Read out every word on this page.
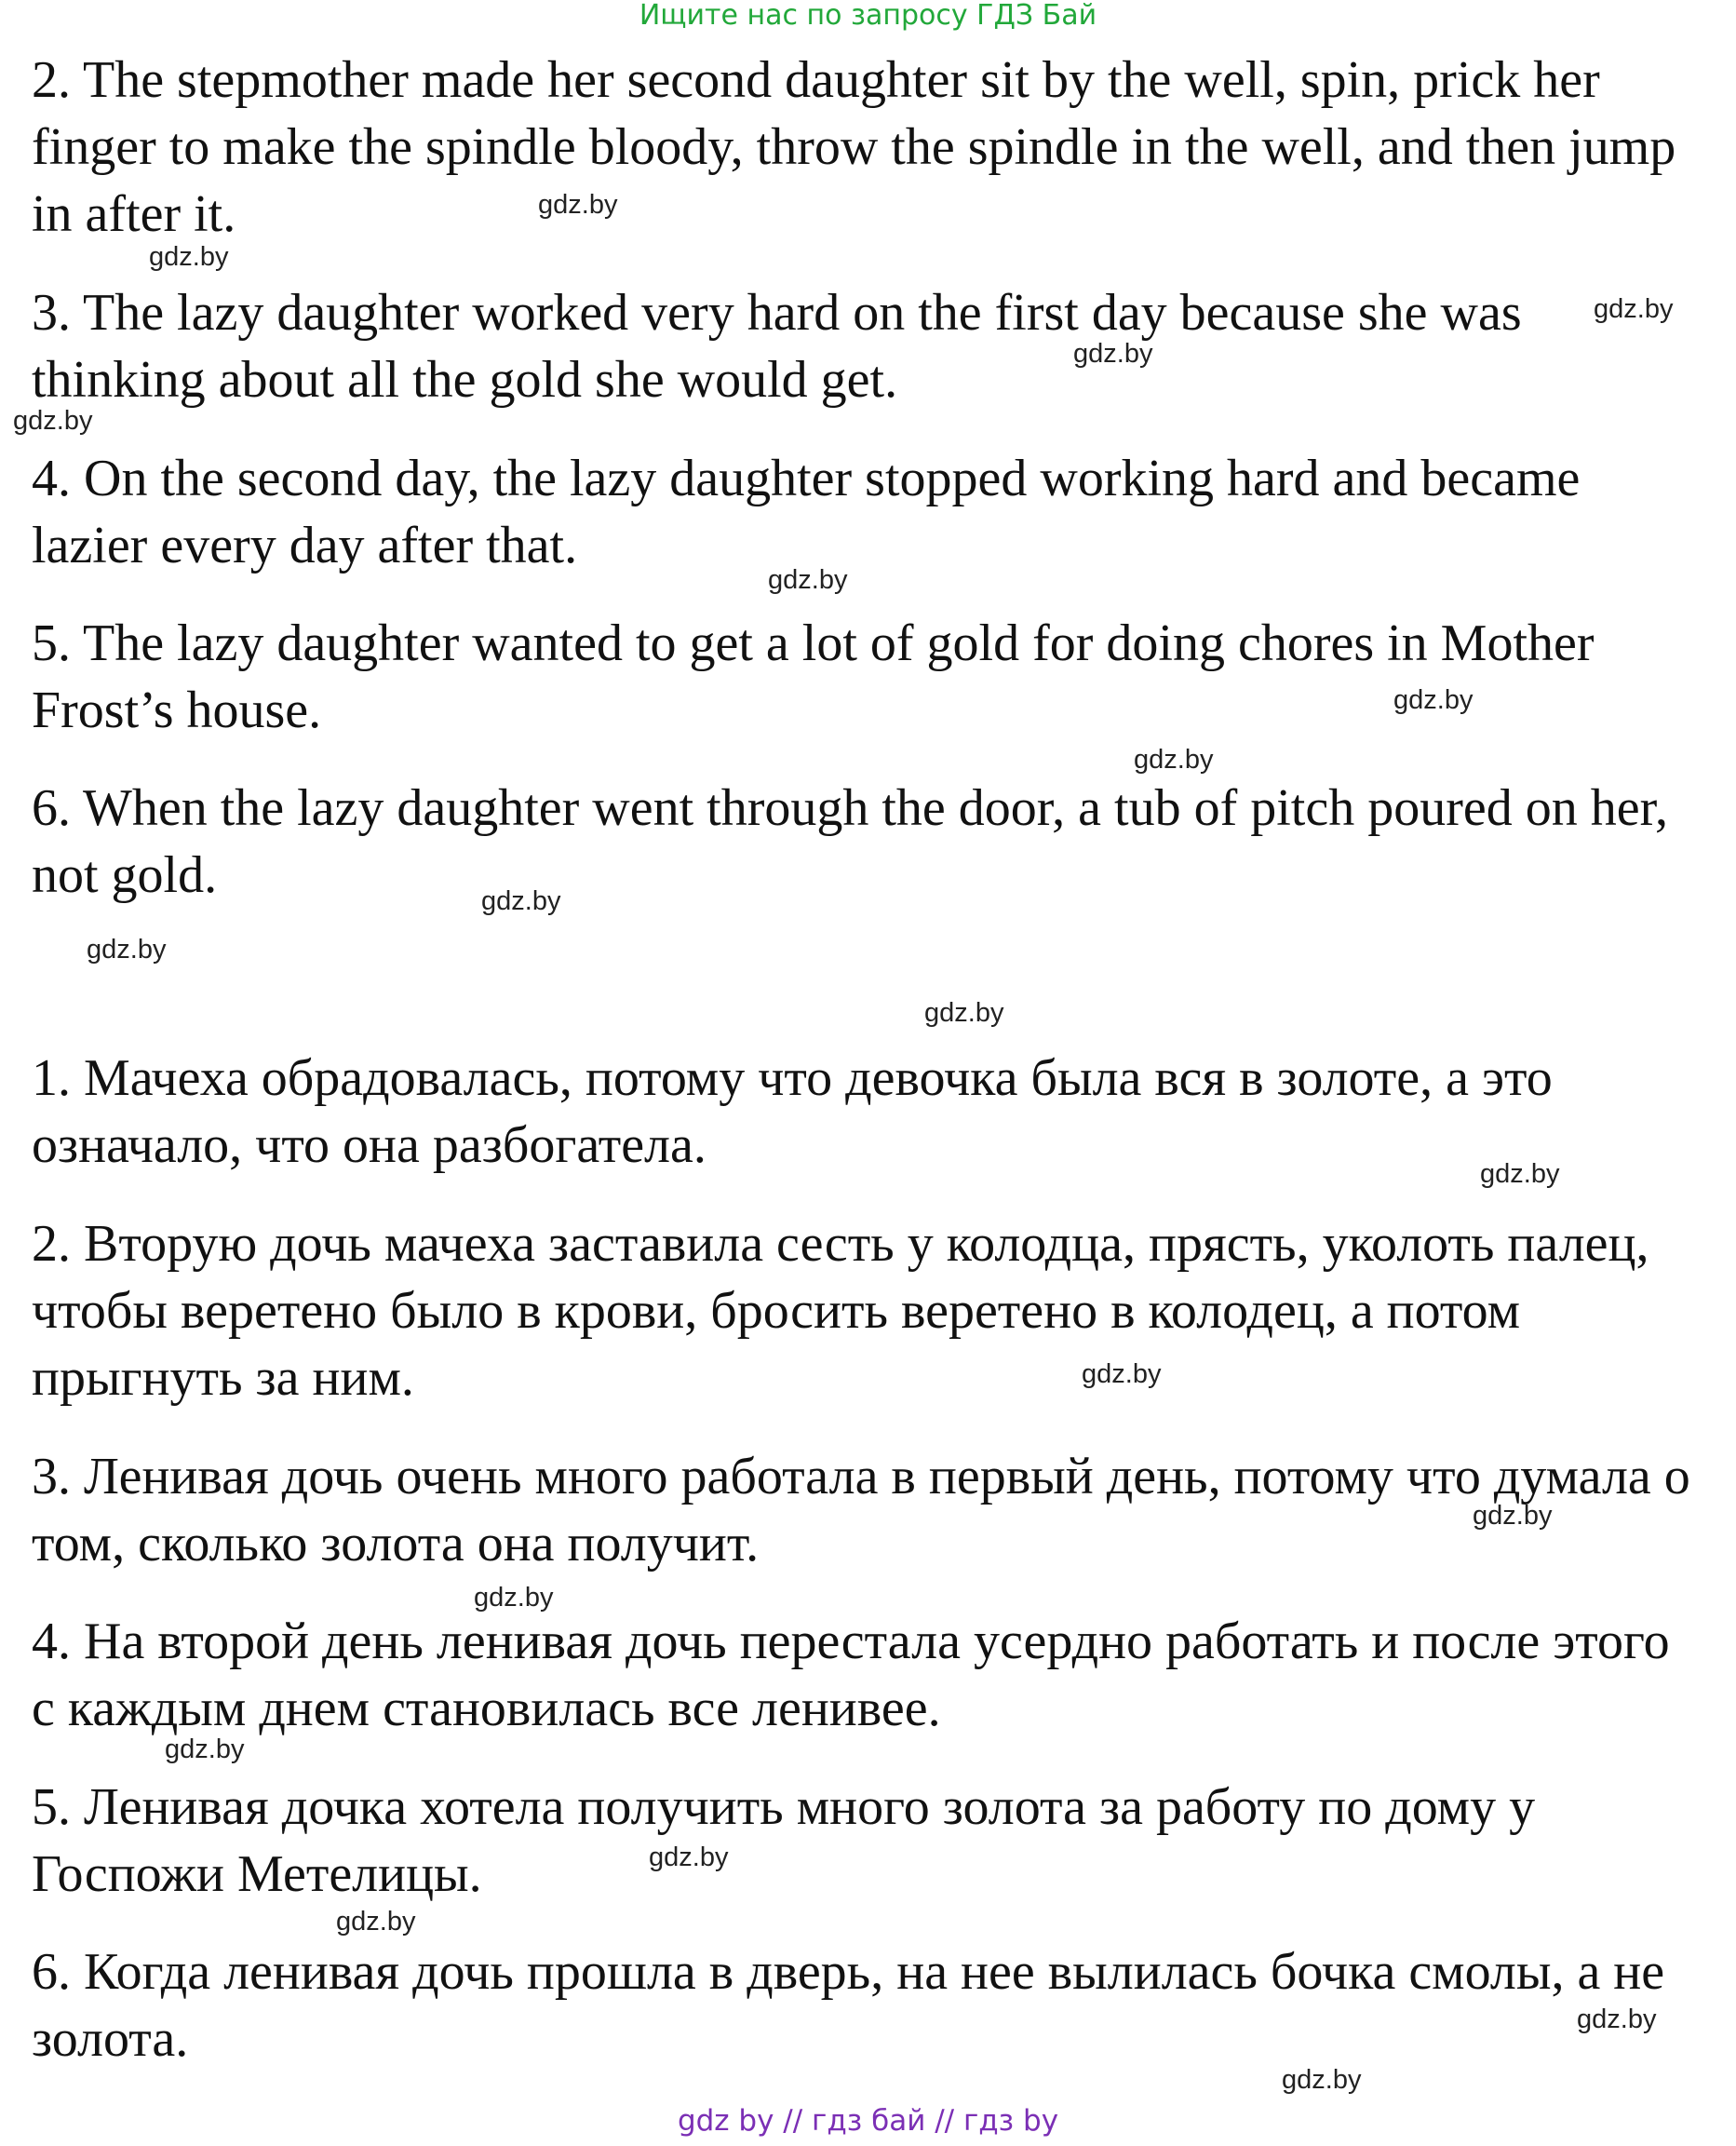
Ищите нас по запросу ГДЗ Бай

2. The stepmother made her second daughter sit by the well, spin, prick her finger to make the spindle bloody, throw the spindle in the well, and then jump in after it.

3. The lazy daughter worked very hard on the first day because she was thinking about all the gold she would get.

4. On the second day, the lazy daughter stopped working hard and became lazier every day after that.

5. The lazy daughter wanted to get a lot of gold for doing chores in Mother Frost’s house.

6. When the lazy daughter went through the door, a tub of pitch poured on her, not gold.

1. Мачеха обрадовалась, потому что девочка была вся в золоте, а это означало, что она разбогатела.

2. Вторую дочь мачеха заставила сесть у колодца, прясть, уколоть палец, чтобы веретено было в крови, бросить веретено в колодец, а потом прыгнуть за ним.

3. Ленивая дочь очень много работала в первый день, потому что думала о том, сколько золота она получит.

4. На второй день ленивая дочь перестала усердно работать и после этого с каждым днем становилась все ленивее.

5. Ленивая дочка хотела получить много золота за работу по дому у Госпожи Метелицы.

6. Когда ленивая дочь прошла в дверь, на нее вылилась бочка смолы, а не золота.

gdz.by
gdz.by
gdz.by
gdz.by
gdz.by
gdz.by
gdz.by
gdz.by
gdz.by
gdz.by
gdz.by
gdz.by
gdz.by
gdz.by
gdz.by
gdz.by
gdz.by
gdz.by
gdz.by
gdz.by
gdz by // гдз бай // гдз by
